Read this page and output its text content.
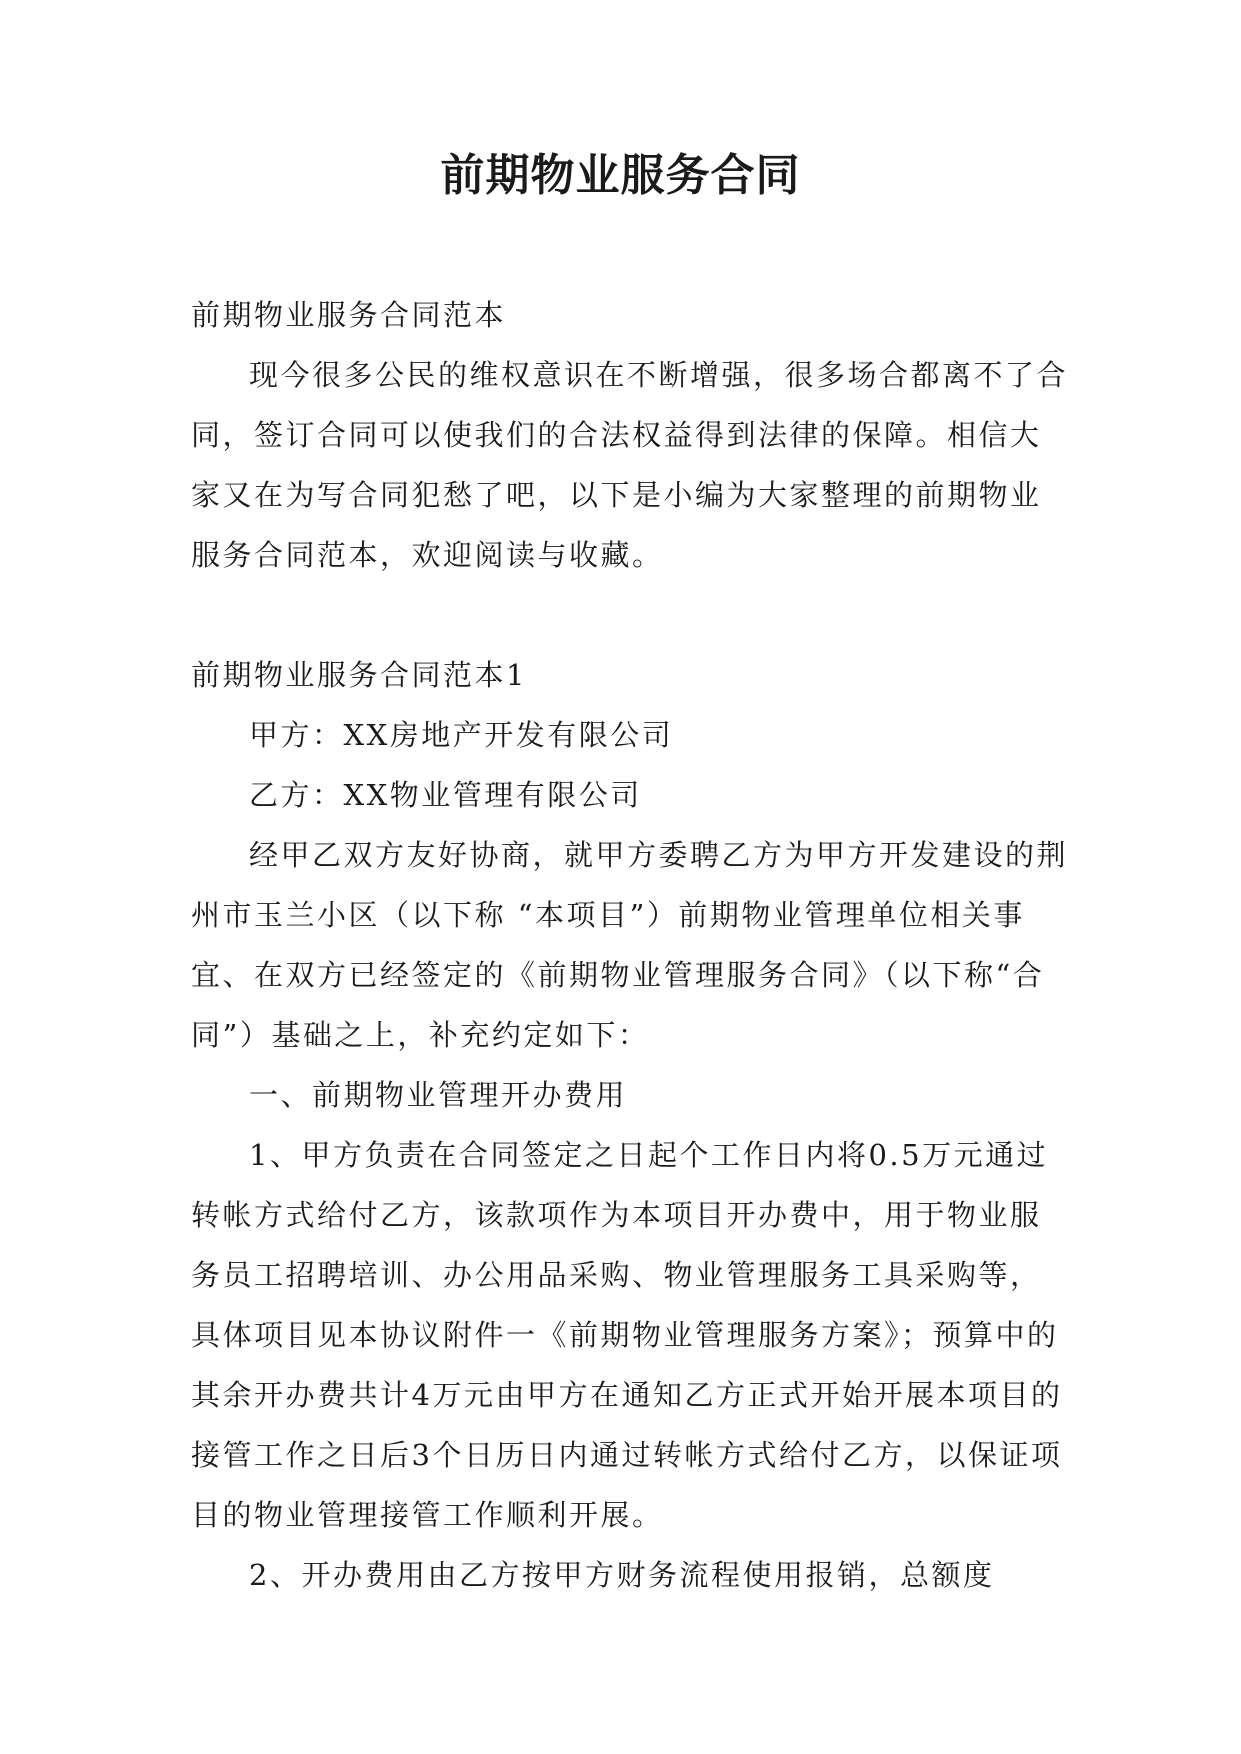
前期物业服务合同

前期物业服务合同范本

现今很多公民的维权意识在不断增强，很多场合都离不了合同，签订合同可以使我们的合法权益得到法律的保障。相信大家又在为写合同犯愁了吧，以下是小编为大家整理的前期物业服务合同范本，欢迎阅读与收藏。

前期物业服务合同范本1

甲方：XX房地产开发有限公司

乙方：XX物业管理有限公司

经甲乙双方友好协商，就甲方委聘乙方为甲方开发建设的荆州市玉兰小区（以下称 “本项目”）前期物业管理单位相关事宜、在双方已经签定的《前期物业管理服务合同》（以下称“合同”）基础之上，补充约定如下：

一、前期物业管理开办费用

1、甲方负责在合同签定之日起个工作日内将0.5万元通过转帐方式给付乙方，该款项作为本项目开办费中，用于物业服务员工招聘培训、办公用品采购、物业管理服务工具采购等，具体项目见本协议附件一《前期物业管理服务方案》；预算中的其余开办费共计4万元由甲方在通知乙方正式开始开展本项目的接管工作之日后3个日历日内通过转帐方式给付乙方，以保证项目的物业管理接管工作顺利开展。

2、开办费用由乙方按甲方财务流程使用报销，总额度
